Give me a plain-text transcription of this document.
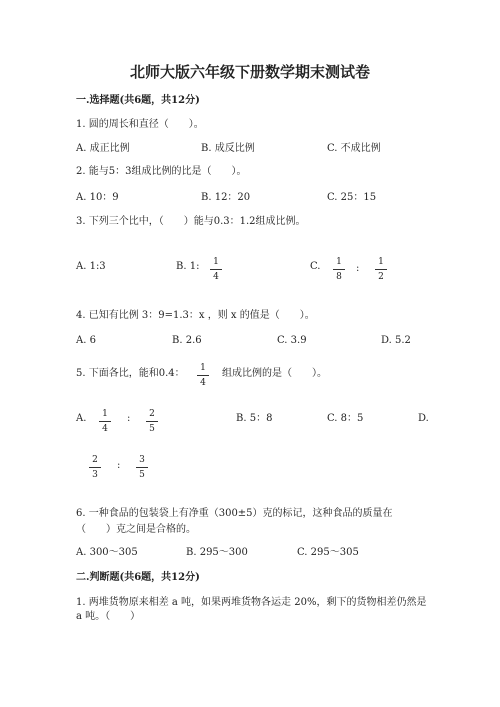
北师大版六年级下册数学期末测试卷
一.选择题(共6题，共12分)
1. 圆的周长和直径（　　）。
A. 成正比例	B. 成反比例	C. 不成比例
2. 能与5：3组成比例的比是（　　）。
A. 10：9	B. 12：20	C. 25：15
3. 下列三个比中，（　　）能与0.3：1.2组成比例。
A. 1:3	B. 1:	1
4
C.	1
8
:
1
2
4. 已知有比例 3：9=1.3：x ，则 x 的值是（　　）。
A. 6	B. 2.6	C. 3.9	D. 5.2
5. 下面各比，能和0.4：	1
4
组成比例的是（　　）。
A.	1
4
:	2
5
B. 5：8	C. 8：5	D.
2
3
:	3
5
6. 一种食品的包装袋上有净重（300±5）克的标记，这种食品的质量在
（　　）克之间是合格的。
A. 300～305	B. 295～300	C. 295～305
二.判断题(共6题，共12分)
1. 两堆货物原来相差 a 吨，如果两堆货物各运走 20%，剩下的货物相差仍然是
a 吨。（　　）
